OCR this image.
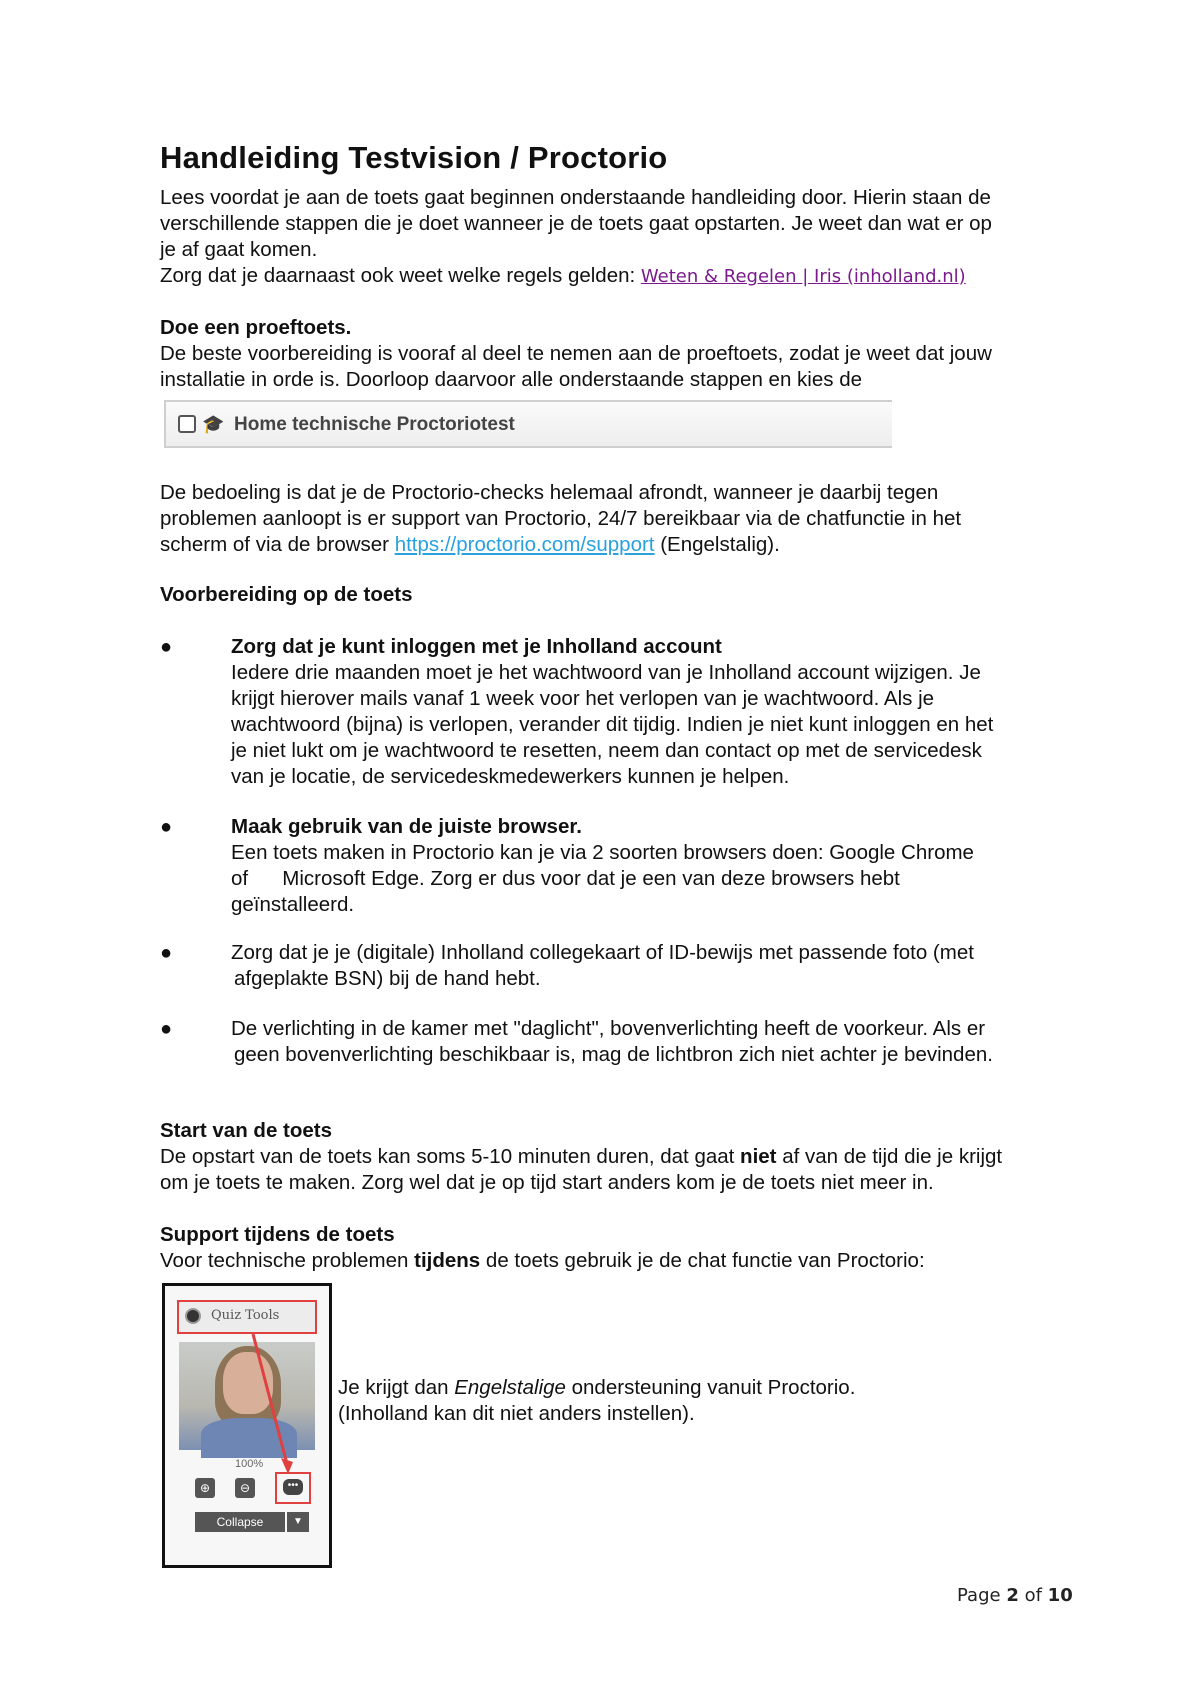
Handleiding Testvision / Proctorio
Lees voordat je aan de toets gaat beginnen onderstaande handleiding door. Hierin staan de
verschillende stappen die je doet wanneer je de toets gaat opstarten. Je weet dan wat er op
je af gaat komen.
Zorg dat je daarnaast ook weet welke regels gelden: Weten & Regelen | Iris (inholland.nl)
Doe een proeftoets.
De beste voorbereiding is vooraf al deel te nemen aan de proeftoets, zodat je weet dat jouw
installatie in orde is. Doorloop daarvoor alle onderstaande stappen en kies de
🎓 Home technische Proctoriotest
De bedoeling is dat je de Proctorio-checks helemaal afrondt, wanneer je daarbij tegen
problemen aanloopt is er support van Proctorio, 24/7 bereikbaar via de chatfunctie in het
scherm of via de browser https://proctorio.com/support (Engelstalig).
Voorbereiding op de toets
●	Zorg dat je kunt inloggen met je Inholland account
Iedere drie maanden moet je het wachtwoord van je Inholland account wijzigen. Je
krijgt hierover mails vanaf 1 week voor het verlopen van je wachtwoord. Als je
wachtwoord (bijna) is verlopen, verander dit tijdig. Indien je niet kunt inloggen en het
je niet lukt om je wachtwoord te resetten, neem dan contact op met de servicedesk
van je locatie, de servicedeskmedewerkers kunnen je helpen.
●	Maak gebruik van de juiste browser.
Een toets maken in Proctorio kan je via 2 soorten browsers doen: Google Chrome
of      Microsoft Edge. Zorg er dus voor dat je een van deze browsers hebt
geïnstalleerd.
●	Zorg dat je je (digitale) Inholland collegekaart of ID-bewijs met passende foto (met
afgeplakte BSN) bij de hand hebt.
●	De verlichting in de kamer met "daglicht", bovenverlichting heeft de voorkeur. Als er
geen bovenverlichting beschikbaar is, mag de lichtbron zich niet achter je bevinden.
Start van de toets
De opstart van de toets kan soms 5-10 minuten duren, dat gaat niet af van de tijd die je krijgt
om je toets te maken. Zorg wel dat je op tijd start anders kom je de toets niet meer in.
Support tijdens de toets
Voor technische problemen tijdens de toets gebruik je de chat functie van Proctorio:
Quiz Tools
100%
⊕	⊖	•••
Collapse	▼
Je krijgt dan Engelstalige ondersteuning vanuit Proctorio.
(Inholland kan dit niet anders instellen).
Page 2 of 10
